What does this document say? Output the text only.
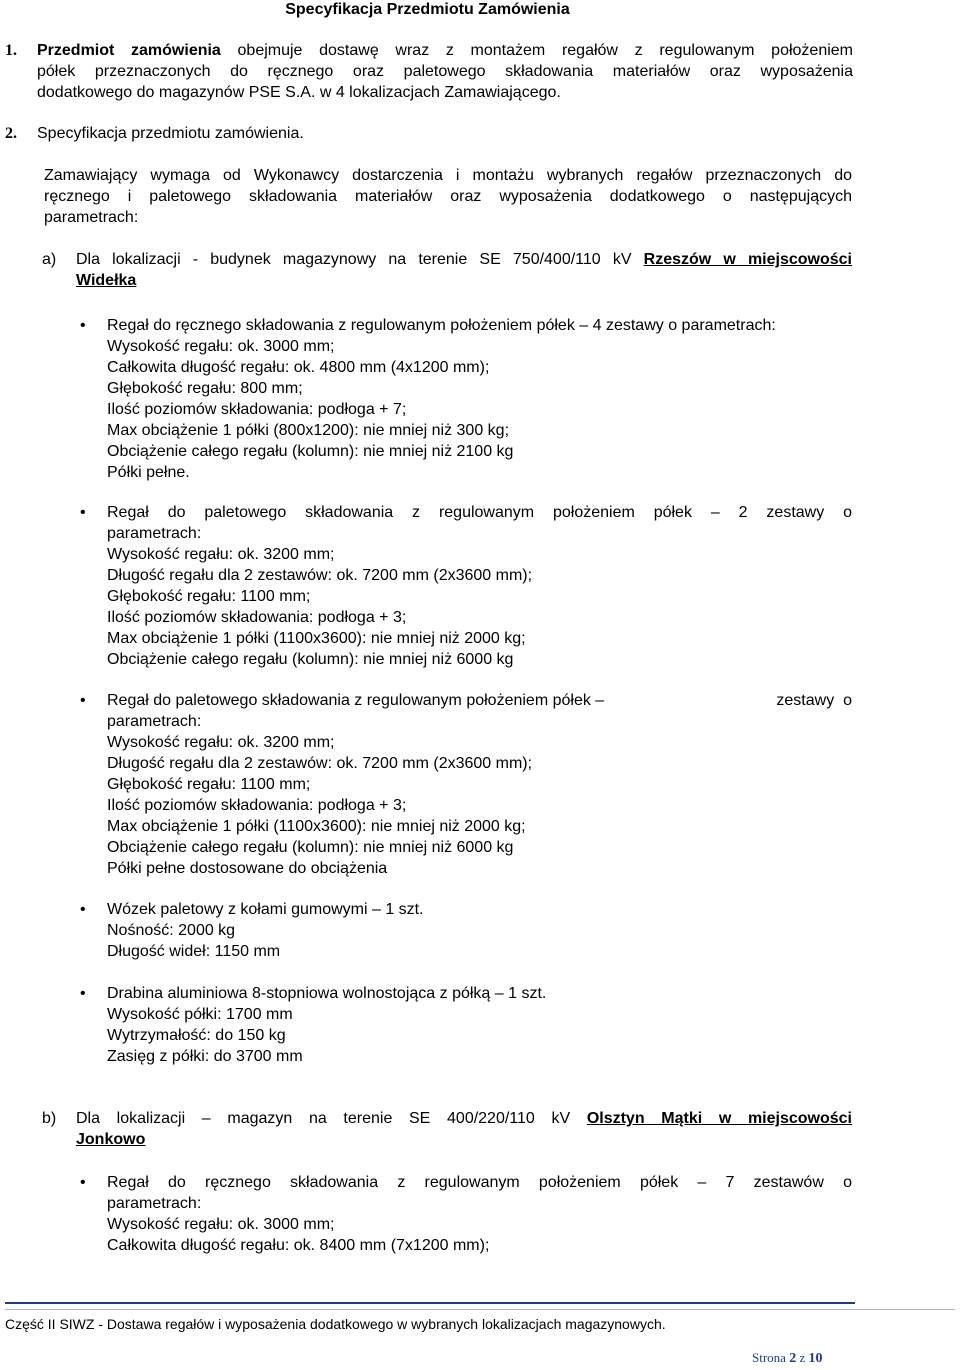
Specyfikacja Przedmiotu Zamówienia
1. Przedmiot zamówienia obejmuje dostawę wraz z montażem regałów z regulowanym położeniem
półek przeznaczonych do ręcznego oraz paletowego składowania materiałów oraz wyposażenia
dodatkowego do magazynów PSE S.A. w 4 lokalizacjach Zamawiającego.
2. Specyfikacja przedmiotu zamówienia.
Zamawiający wymaga od Wykonawcy dostarczenia i montażu wybranych regałów przeznaczonych do
ręcznego i paletowego składowania materiałów oraz wyposażenia dodatkowego o następujących
parametrach:
a) Dla lokalizacji - budynek magazynowy na terenie SE 750/400/110 kV Rzeszów w miejscowości
Widełka
• Regał do ręcznego składowania z regulowanym położeniem półek – 4 zestawy o parametrach:
Wysokość regału: ok. 3000 mm;
Całkowita długość regału: ok. 4800 mm (4x1200 mm);
Głębokość regału: 800 mm;
Ilość poziomów składowania: podłoga + 7;
Max obciążenie 1 półki (800x1200): nie mniej niż 300 kg;
Obciążenie całego regału (kolumn): nie mniej niż 2100 kg
Półki pełne.
• Regał do paletowego składowania z regulowanym położeniem półek – 2 zestawy o
parametrach:
Wysokość regału: ok. 3200 mm;
Długość regału dla 2 zestawów: ok. 7200 mm (2x3600 mm);
Głębokość regału: 1100 mm;
Ilość poziomów składowania: podłoga + 3;
Max obciążenie 1 półki (1100x3600): nie mniej niż 2000 kg;
Obciążenie całego regału (kolumn): nie mniej niż 6000 kg
• Regał do paletowego składowania z regulowanym położeniem półek –	zestawy  o
parametrach:
Wysokość regału: ok. 3200 mm;
Długość regału dla 2 zestawów: ok. 7200 mm (2x3600 mm);
Głębokość regału: 1100 mm;
Ilość poziomów składowania: podłoga + 3;
Max obciążenie 1 półki (1100x3600): nie mniej niż 2000 kg;
Obciążenie całego regału (kolumn): nie mniej niż 6000 kg
Półki pełne dostosowane do obciążenia
• Wózek paletowy z kołami gumowymi – 1 szt.
Nośność: 2000 kg
Długość wideł: 1150 mm
• Drabina aluminiowa 8-stopniowa wolnostojąca z półką – 1 szt.
Wysokość półki: 1700 mm
Wytrzymałość: do 150 kg
Zasięg z półki: do 3700 mm
b) Dla  lokalizacji  –  magazyn  na  terenie  SE  400/220/110  kV  Olsztyn  Mątki  w  miejscowości
Jonkowo
• Regał  do  ręcznego  składowania  z  regulowanym  położeniem  półek  –  7  zestawów  o
parametrach:
Wysokość regału: ok. 3000 mm;
Całkowita długość regału: ok. 8400 mm (7x1200 mm);
Część II SIWZ - Dostawa regałów i wyposażenia dodatkowego w wybranych lokalizacjach magazynowych.
Strona 2 z 10
